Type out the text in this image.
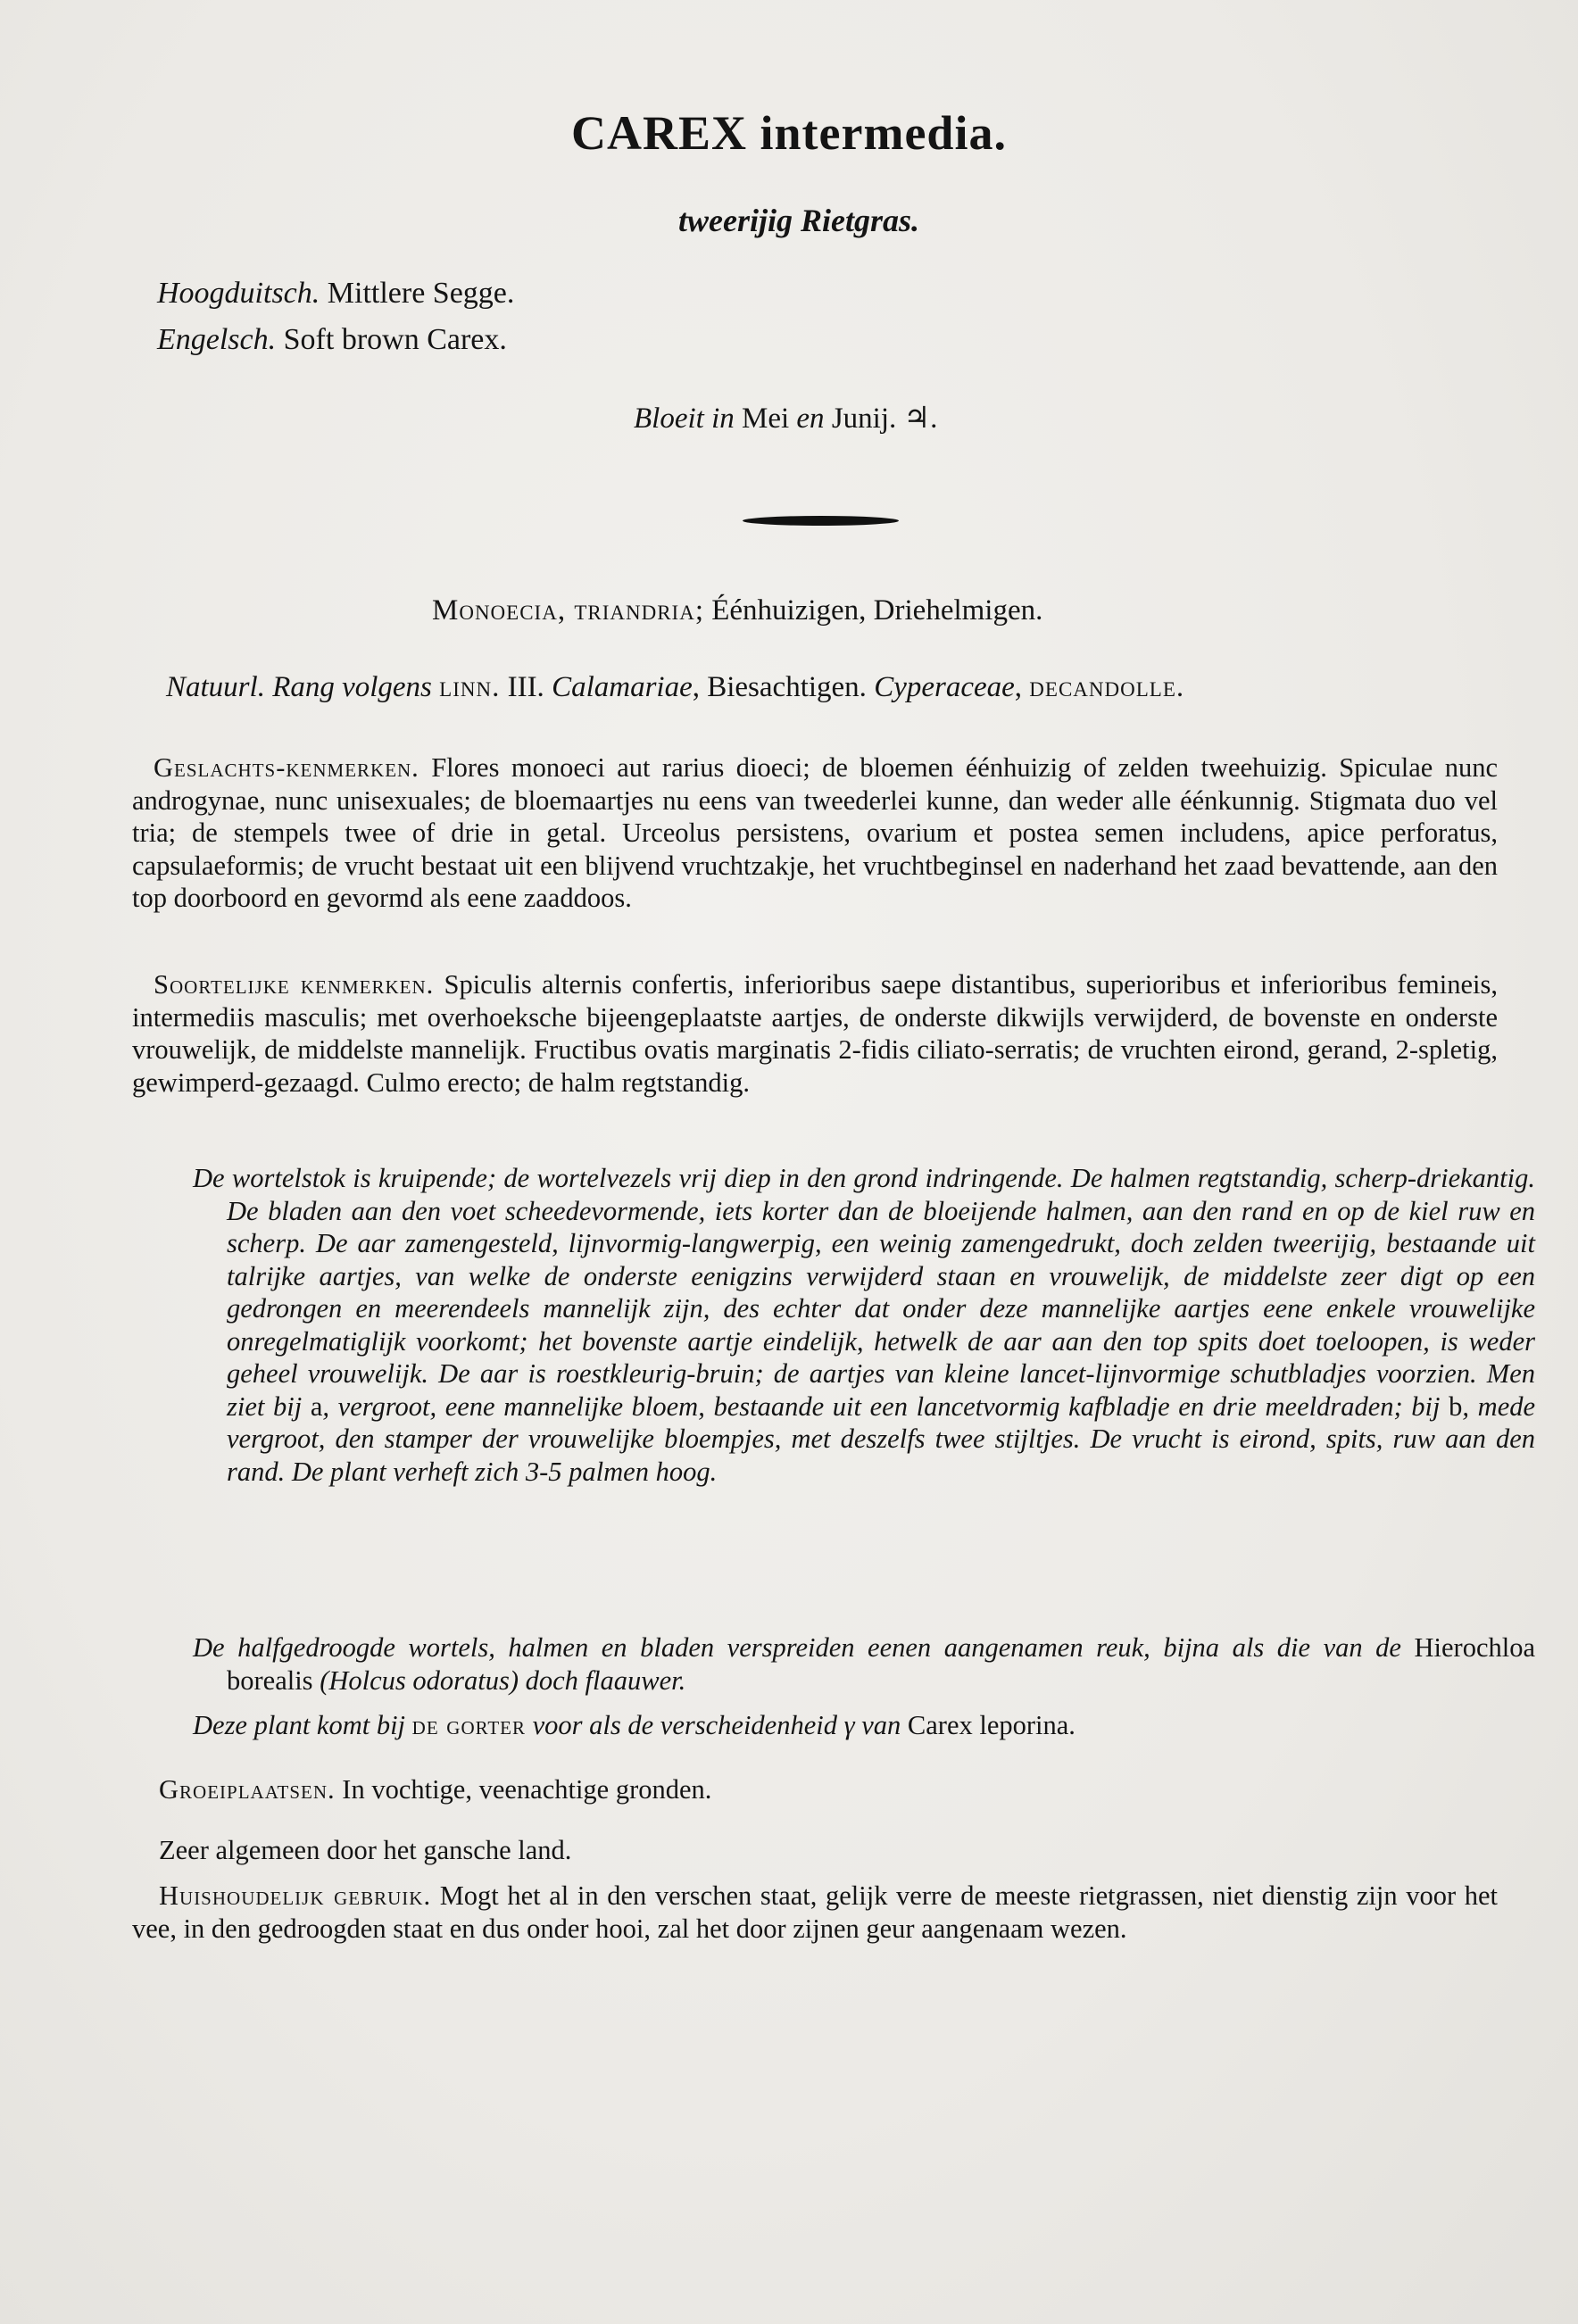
CAREX intermedia.
tweerijig Rietgras.
Hoogduitsch. Mittlere Segge.
Engelsch. Soft brown Carex.
Bloeit in Mei en Junij. ♃.
Monoecia, triandria; Éénhuizigen, Driehelmigen.
Natuurl. Rang volgens linn. III. Calamariae, Biesachtigen. Cyperaceae, decandolle.
Geslachts-kenmerken. Flores monoeci aut rarius dioeci; de bloemen éénhuizig of zelden tweehuizig. Spiculae nunc androgynae, nunc unisexuales; de bloemaartjes nu eens van tweederlei kunne, dan weder alle éénkunnig. Stigmata duo vel tria; de stempels twee of drie in getal. Urceolus persistens, ovarium et postea semen includens, apice perforatus, capsulaeformis; de vrucht bestaat uit een blijvend vruchtzakje, het vruchtbeginsel en naderhand het zaad bevattende, aan den top doorboord en gevormd als eene zaaddoos.
Soortelijke kenmerken. Spiculis alternis confertis, inferioribus saepe distantibus, superioribus et inferioribus femineis, intermediis masculis; met overhoeksche bijeengeplaatste aartjes, de onderste dikwijls verwijderd, de bovenste en onderste vrouwelijk, de middelste mannelijk. Fructibus ovatis marginatis 2-fidis ciliato-serratis; de vruchten eirond, gerand, 2-spletig, gewimperd-gezaagd. Culmo erecto; de halm regtstandig.
De wortelstok is kruipende; de wortelvezels vrij diep in den grond indringende. De halmen regtstandig, scherp-driekantig. De bladen aan den voet scheedevormende, iets korter dan de bloeijende halmen, aan den rand en op de kiel ruw en scherp. De aar zamengesteld, lijnvormig-langwerpig, een weinig zamengedrukt, doch zelden tweerijig, bestaande uit talrijke aartjes, van welke de onderste eenigzins verwijderd staan en vrouwelijk, de middelste zeer digt op een gedrongen en meerendeels mannelijk zijn, des echter dat onder deze mannelijke aartjes eene enkele vrouwelijke onregelmatiglijk voorkomt; het bovenste aartje eindelijk, hetwelk de aar aan den top spits doet toeloopen, is weder geheel vrouwelijk. De aar is roestkleurig-bruin; de aartjes van kleine lancet-lijnvormige schutbladjes voorzien. Men ziet bij a, vergroot, eene mannelijke bloem, bestaande uit een lancetvormig kafbladje en drie meeldraden; bij b, mede vergroot, den stamper der vrouwelijke bloempjes, met deszelfs twee stijltjes. De vrucht is eirond, spits, ruw aan den rand. De plant verheft zich 3-5 palmen hoog.
De halfgedroogde wortels, halmen en bladen verspreiden eenen aangenamen reuk, bijna als die van de Hierochloa borealis (Holcus odoratus) doch flaauwer.
Deze plant komt bij de gorter voor als de verscheidenheid γ van Carex leporina.
Groeiplaatsen. In vochtige, veenachtige gronden.
Zeer algemeen door het gansche land.
Huishoudelijk gebruik. Mogt het al in den verschen staat, gelijk verre de meeste rietgrassen, niet dienstig zijn voor het vee, in den gedroogden staat en dus onder hooi, zal het door zijnen geur aangenaam wezen.
